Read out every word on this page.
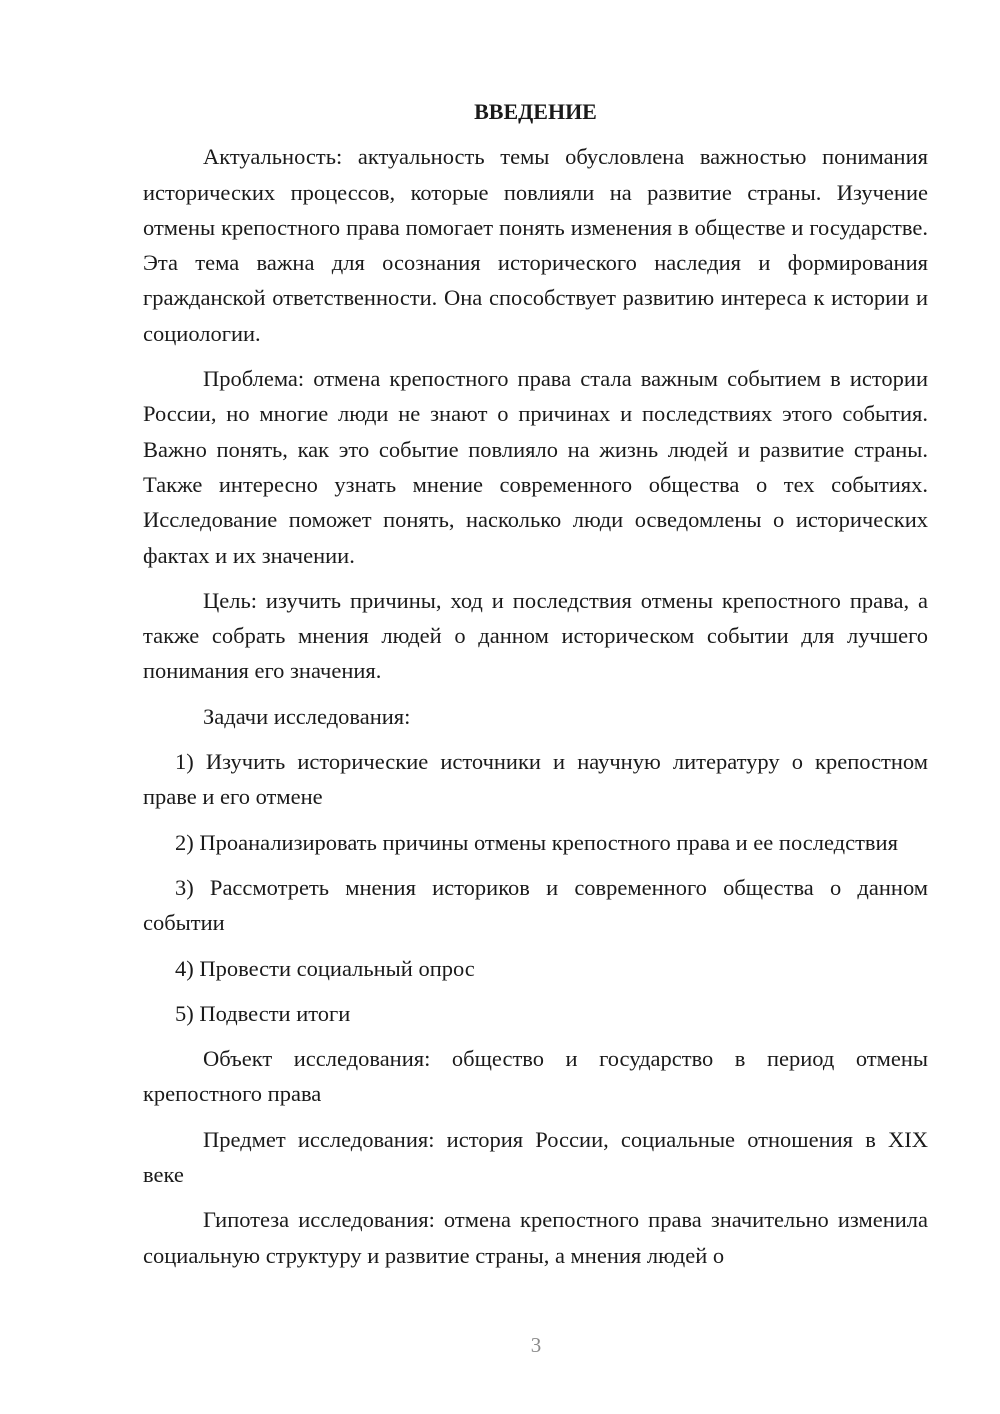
ВВЕДЕНИЕ

Актуальность: актуальность темы обусловлена важностью понимания исторических процессов, которые повлияли на развитие страны. Изучение отмены крепостного права помогает понять изменения в обществе и государстве. Эта тема важна для осознания исторического наследия и формирования гражданской ответственности. Она способствует развитию интереса к истории и социологии.

Проблема: отмена крепостного права стала важным событием в истории России, но многие люди не знают о причинах и последствиях этого события. Важно понять, как это событие повлияло на жизнь людей и развитие страны. Также интересно узнать мнение современного общества о тех событиях. Исследование поможет понять, насколько люди осведомлены о исторических фактах и их значении.

Цель: изучить причины, ход и последствия отмены крепостного права, а также собрать мнения людей о данном историческом событии для лучшего понимания его значения.

Задачи исследования:

1) Изучить исторические источники и научную литературу о крепостном праве и его отмене

2) Проанализировать причины отмены крепостного права и ее последствия

3) Рассмотреть мнения историков и современного общества о данном событии

4) Провести социальный опрос

5) Подвести итоги

Объект исследования: общество и государство в период отмены крепостного права

Предмет исследования: история России, социальные отношения в XIX веке

Гипотеза исследования: отмена крепостного права значительно изменила социальную структуру и развитие страны, а мнения людей о

3
